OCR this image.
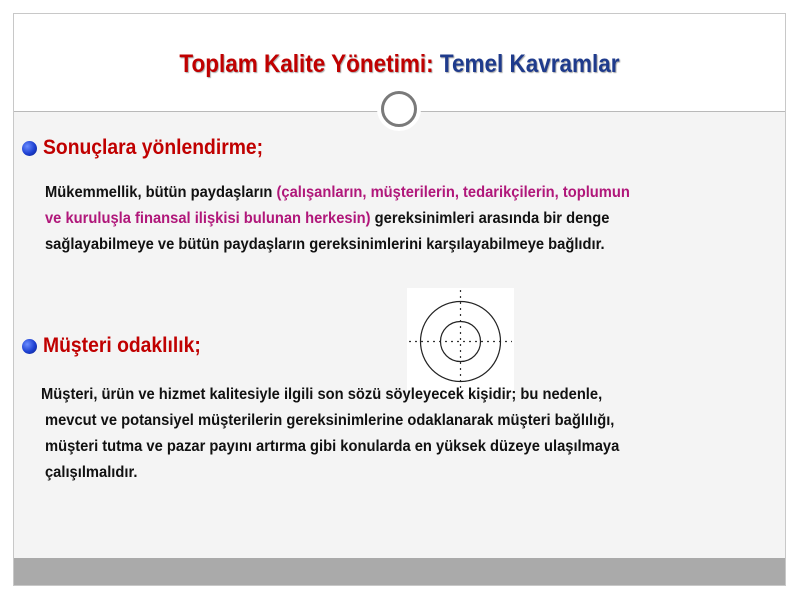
Toplam Kalite Yönetimi: Temel Kavramlar
Sonuçlara yönlendirme;
Mükemmellik, bütün paydaşların (çalışanların, müşterilerin, tedarikçilerin, toplumun
ve kuruluşla finansal ilişkisi bulunan herkesin) gereksinimleri arasında bir denge
sağlayabilmeye ve bütün paydaşların gereksinimlerini karşılayabilmeye bağlıdır.
Müşteri odaklılık;
Müşteri, ürün ve hizmet kalitesiyle ilgili son sözü söyleyecek kişidir; bu nedenle,
mevcut ve potansiyel müşterilerin gereksinimlerine odaklanarak müşteri bağlılığı,
müşteri tutma ve pazar payını artırma gibi konularda en yüksek düzeye ulaşılmaya
çalışılmalıdır.
